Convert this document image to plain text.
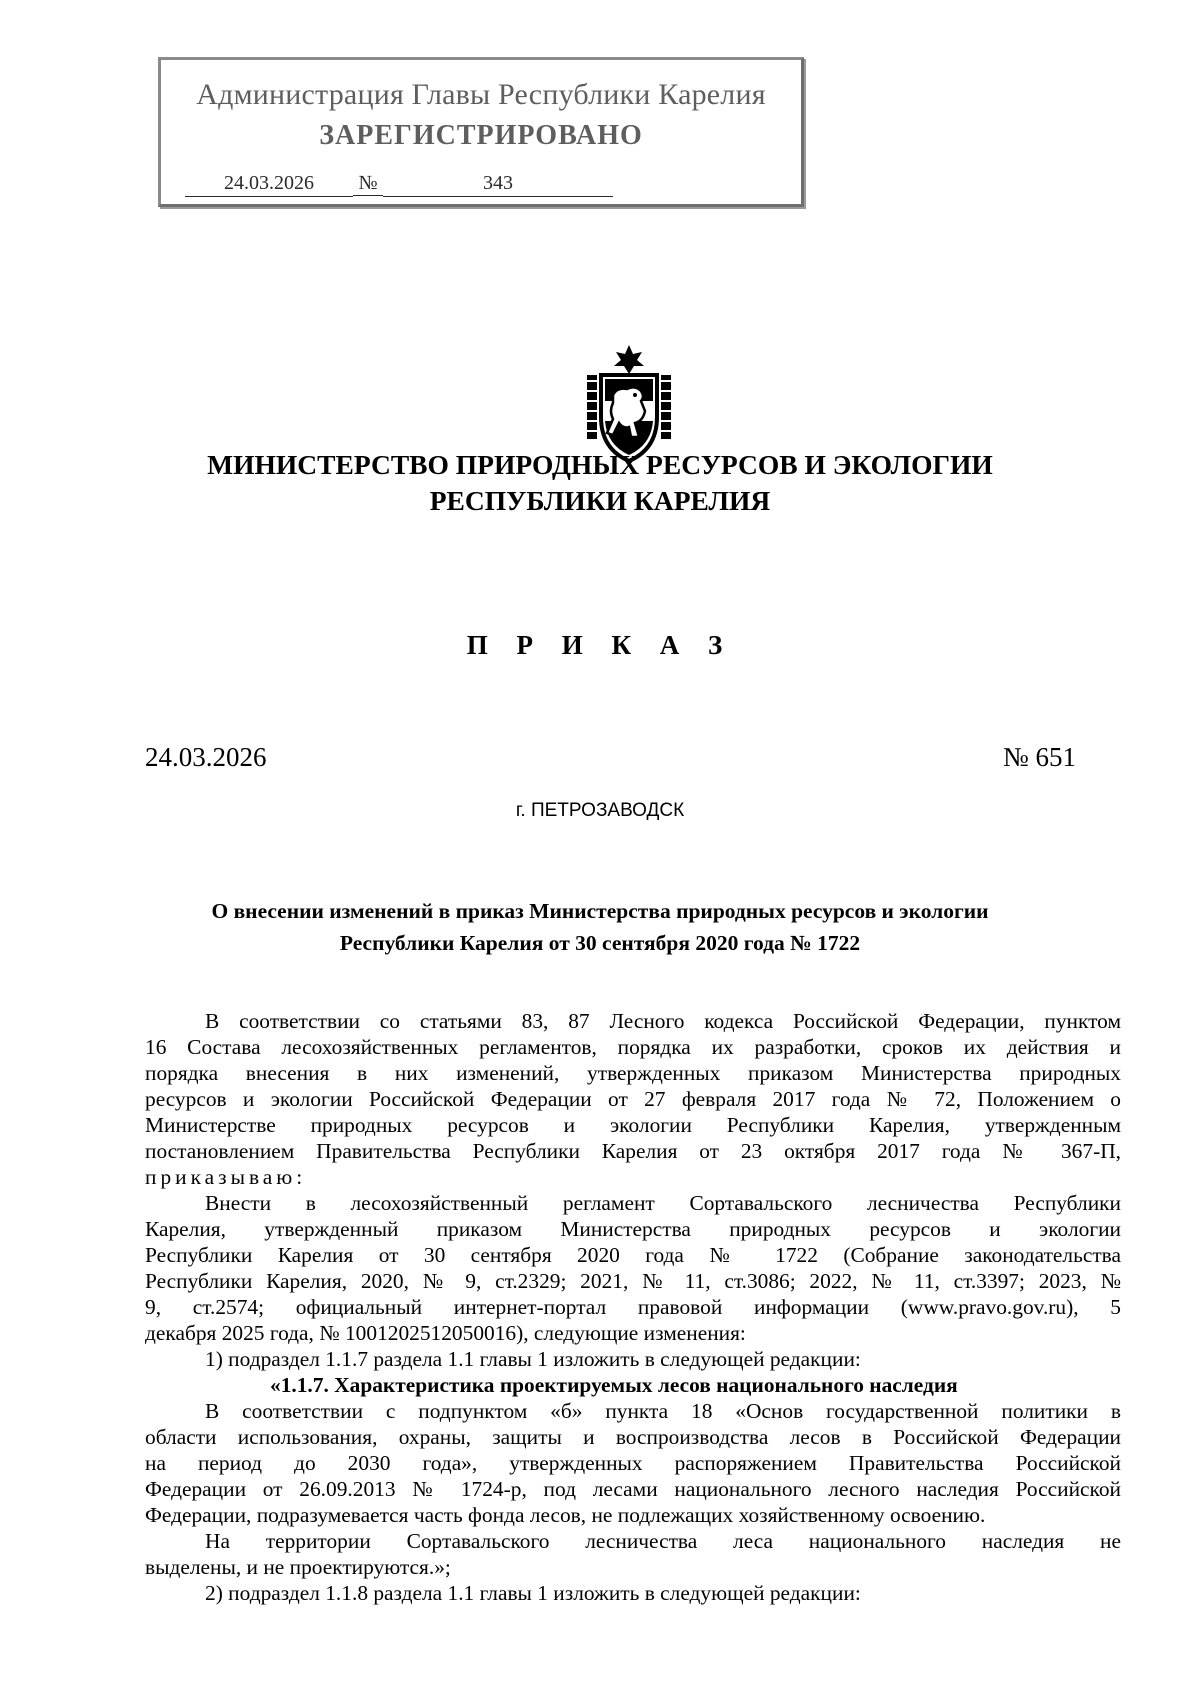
Администрация Главы Республики Карелия
ЗАРЕГИСТРИРОВАНО
24.03.2026 №	343
МИНИСТЕРСТВО ПРИРОДНЫХ РЕСУРСОВ И ЭКОЛОГИИ
РЕСПУБЛИКИ КАРЕЛИЯ
П Р И К А З
24.03.2026	№ 651
г. ПЕТРОЗАВОДСК
О внесении изменений в приказ Министерства природных ресурсов и экологии
Республики Карелия от 30 сентября 2020 года № 1722
В соответствии со статьями 83, 87 Лесного кодекса Российской Федерации, пунктом
16 Состава лесохозяйственных регламентов, порядка их разработки, сроков их действия и
порядка внесения в них изменений, утвержденных приказом Министерства природных
ресурсов и экологии Российской Федерации от 27 февраля 2017 года № 72, Положением о
Министерстве природных ресурсов и экологии Республики Карелия, утвержденным
постановлением Правительства Республики Карелия от 23 октября 2017 года № 367-П,
приказываю:
Внести в лесохозяйственный регламент Сортавальского лесничества Республики
Карелия, утвержденный приказом Министерства природных ресурсов и экологии
Республики Карелия от 30 сентября 2020 года № 1722 (Собрание законодательства
Республики Карелия, 2020, № 9, ст.2329; 2021, № 11, ст.3086; 2022, № 11, ст.3397; 2023, №
9, ст.2574; официальный интернет-портал правовой информации (www.pravo.gov.ru), 5
декабря 2025 года, № 1001202512050016), следующие изменения:
1) подраздел 1.1.7 раздела 1.1 главы 1 изложить в следующей редакции:
«1.1.7. Характеристика проектируемых лесов национального наследия
В соответствии с подпунктом «б» пункта 18 «Основ государственной политики в
области использования, охраны, защиты и воспроизводства лесов в Российской Федерации
на период до 2030 года», утвержденных распоряжением Правительства Российской
Федерации от 26.09.2013 № 1724-р, под лесами национального лесного наследия Российской
Федерации, подразумевается часть фонда лесов, не подлежащих хозяйственному освоению.
На территории Сортавальского лесничества леса национального наследия не
выделены, и не проектируются.»;
2) подраздел 1.1.8 раздела 1.1 главы 1 изложить в следующей редакции:
